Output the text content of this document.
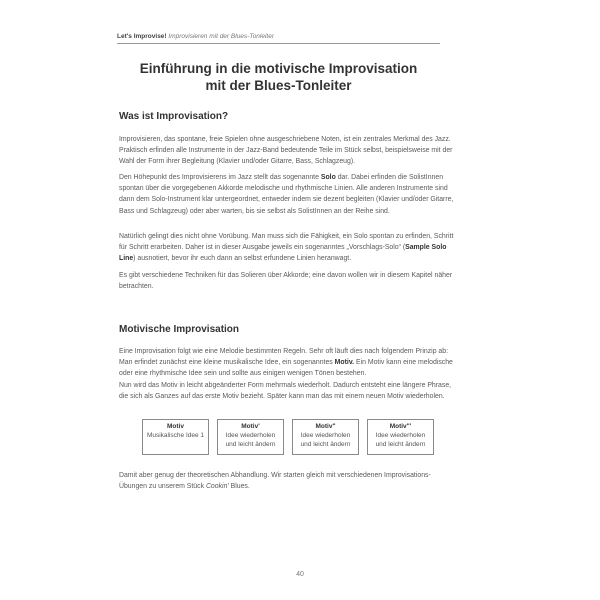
Let's Improvise! Improvisieren mit der Blues-Tonleiter
Einführung in die motivische Improvisation
mit der Blues-Tonleiter
Was ist Improvisation?
Improvisieren, das spontane, freie Spielen ohne ausgeschriebene Noten, ist ein zentrales Merkmal des Jazz. Praktisch erfinden alle Instrumente in der Jazz-Band bedeutende Teile im Stück selbst, beispielsweise mit der Wahl der Form ihrer Begleitung (Klavier und/oder Gitarre, Bass, Schlagzeug).
Den Höhepunkt des Improvisierens im Jazz stellt das sogenannte Solo dar. Dabei erfinden die SolistInnen spontan über die vorgegebenen Akkorde melodische und rhythmische Linien. Alle anderen Instrumente sind dann dem Solo-Instrument klar untergeordnet, entweder indem sie dezent begleiten (Klavier und/oder Gitarre, Bass und Schlagzeug) oder aber warten, bis sie selbst als SolistInnen an der Reihe sind.
Natürlich gelingt dies nicht ohne Vorübung. Man muss sich die Fähigkeit, ein Solo spontan zu erfinden, Schritt für Schritt erarbeiten. Daher ist in dieser Ausgabe jeweils ein sogenanntes „Vorschlags-Solo“ (Sample Solo Line) ausnotiert, bevor ihr euch dann an selbst erfundene Linien heranwagt.
Es gibt verschiedene Techniken für das Solieren über Akkorde; eine davon wollen wir in diesem Kapitel näher betrachten.
Motivische Improvisation
Eine Improvisation folgt wie eine Melodie bestimmten Regeln. Sehr oft läuft dies nach folgendem Prinzip ab: Man erfindet zunächst eine kleine musikalische Idee, ein sogenanntes Motiv. Ein Motiv kann eine melodische oder eine rhythmische Idee sein und sollte aus einigen wenigen Tönen bestehen.
Nun wird das Motiv in leicht abgeänderter Form mehrmals wiederholt. Dadurch entsteht eine längere Phrase, die sich als Ganzes auf das erste Motiv bezieht. Später kann man das mit einem neuen Motiv wiederholen.
Motiv
Musikalische Idee 1
Motiv'
Idee wiederholen
und leicht ändern
Motiv"
Idee wiederholen
und leicht ändern
Motiv"'
Idee wiederholen
und leicht ändern
Damit aber genug der theoretischen Abhandlung. Wir starten gleich mit verschiedenen Improvisations-Übungen zu unserem Stück Cookin' Blues.
40
